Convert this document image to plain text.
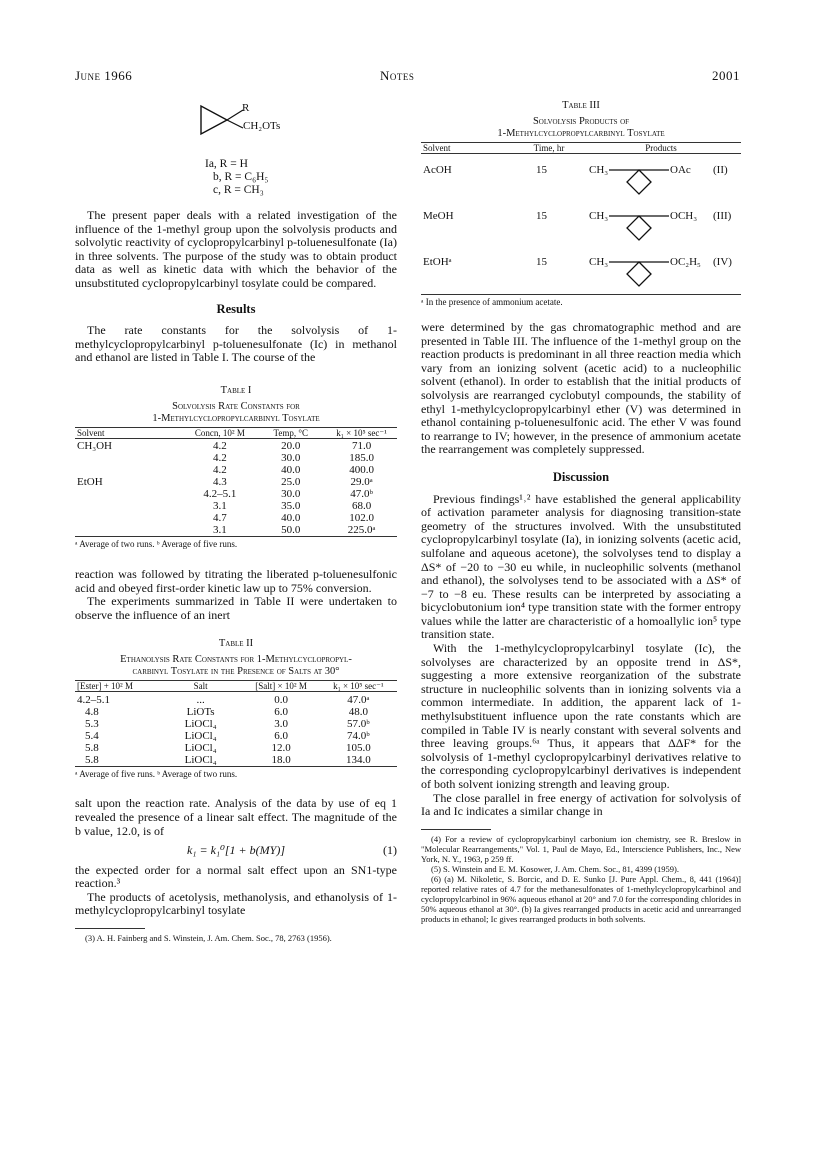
June 1966	Notes	2001
R
CH₂OTs
Ia, R = H
b, R = C₆H₅
c, R = CH₃

The present paper deals with a related investigation of the influence of the 1-methyl group upon the solvolysis products and solvolytic reactivity of cyclopropylcarbinyl p-toluenesulfonate (Ia) in three solvents. The purpose of the study was to obtain product data as well as kinetic data with which the behavior of the unsubstituted cyclopropylcarbinyl tosylate could be compared.

Results

The rate constants for the solvolysis of 1-methylcyclopropylcarbinyl p-toluenesulfonate (Ic) in methanol and ethanol are listed in Table I. The course of the

Table I
Solvolysis Rate Constants for
1-Methylcyclopropylcarbinyl Tosylate
Solvent	Concn, 10² M	Temp, °C	k₁ × 10⁵ sec⁻¹

CH₃OH	4.2	20.0	71.0
	4.2	30.0	185.0
	4.2	40.0	400.0
EtOH	4.3	25.0	29.0ᵃ
	4.2–5.1	30.0	47.0ᵇ
	3.1	35.0	68.0
	4.7	40.0	102.0
	3.1	50.0	225.0ᵃ

ᵃ Average of two runs. ᵇ Average of five runs.

reaction was followed by titrating the liberated p-toluenesulfonic acid and obeyed first-order kinetic law up to 75% conversion.

The experiments summarized in Table II were undertaken to observe the influence of an inert

Table II
Ethanolysis Rate Constants for 1-Methylcyclopropyl-
carbinyl Tosylate in the Presence of Salts at 30°
[Ester] + 10² M	Salt	[Salt] × 10² M	k₁ × 10⁵ sec⁻¹

4.2–5.1	...	0.0	47.0ᵃ
4.8	LiOTs	6.0	48.0
5.3	LiOCl₄	3.0	57.0ᵇ
5.4	LiOCl₄	6.0	74.0ᵇ
5.8	LiOCl₄	12.0	105.0
5.8	LiOCl₄	18.0	134.0

ᵃ Average of five runs. ᵇ Average of two runs.

salt upon the reaction rate. Analysis of the data by use of eq 1 revealed the presence of a linear salt effect. The magnitude of the b value, 12.0, is of

k₁ = k₁⁰[1 + b(MY)]	(1)

the expected order for a normal salt effect upon an SN1-type reaction.³

The products of acetolysis, methanolysis, and ethanolysis of 1-methylcyclopropylcarbinyl tosylate

(3) A. H. Fainberg and S. Winstein, J. Am. Chem. Soc., 78, 2763 (1956).

Table III
Solvolysis Products of
1-Methylcyclopropylcarbinyl Tosylate
Solvent	Time, hr	Products

AcOH	15	CH₃	OAc (II)
MeOH	15	CH₃	OCH₃ (III)
EtOHᵃ	15	CH₃	OC₂H₅ (IV)
ᵃ In the presence of ammonium acetate.

were determined by the gas chromatographic method and are presented in Table III. The influence of the 1-methyl group on the reaction products is predominant in all three reaction media which vary from an ionizing solvent (acetic acid) to a nucleophilic solvent (ethanol). In order to establish that the initial products of solvolysis are rearranged cyclobutyl compounds, the stability of ethyl 1-methylcyclopropylcarbinyl ether (V) was determined in ethanol containing p-toluenesulfonic acid. The ether V was found to rearrange to IV; however, in the presence of ammonium acetate the rearrangement was completely suppressed.

Discussion

Previous findings¹˒² have established the general applicability of activation parameter analysis for diagnosing transition-state geometry of the structures involved. With the unsubstituted cyclopropylcarbinyl tosylate (Ia), in ionizing solvents (acetic acid, sulfolane and aqueous acetone), the solvolyses tend to display a ΔS* of −20 to −30 eu while, in nucleophilic solvents (methanol and ethanol), the solvolyses tend to be associated with a ΔS* of −7 to −8 eu. These results can be interpreted by associating a bicyclobutonium ion⁴ type transition state with the former entropy values while the latter are characteristic of a homoallylic ion⁵ type transition state.

With the 1-methylcyclopropylcarbinyl tosylate (Ic), the solvolyses are characterized by an opposite trend in ΔS*, suggesting a more extensive reorganization of the substrate structure in nucleophilic solvents than in ionizing solvents via a common intermediate. In addition, the apparent lack of 1-methylsubstituent influence upon the rate constants which are compiled in Table IV is nearly constant with several solvents and three leaving groups.⁶ᵃ Thus, it appears that ΔΔF* for the solvolysis of 1-methyl cyclopropylcarbinyl derivatives relative to the corresponding cyclopropylcarbinyl derivatives is independent of both solvent ionizing strength and leaving group.

The close parallel in free energy of activation for solvolysis of Ia and Ic indicates a similar change in

(4) For a review of cyclopropylcarbinyl carbonium ion chemistry, see R. Breslow in "Molecular Rearrangements," Vol. 1, Paul de Mayo, Ed., Interscience Publishers, Inc., New York, N. Y., 1963, p 259 ff.

(5) S. Winstein and E. M. Kosower, J. Am. Chem. Soc., 81, 4399 (1959).

(6) (a) M. Nikoletic, S. Borcic, and D. E. Sunko [J. Pure Appl. Chem., 8, 441 (1964)] reported relative rates of 4.7 for the methanesulfonates of 1-methylcyclopropylcarbinol and cyclopropylcarbinol in 96% aqueous ethanol at 20° and 7.0 for the corresponding chlorides in 50% aqueous ethanol at 30°. (b) Ia gives rearranged products in acetic acid and unrearranged products in ethanol; Ic gives rearranged products in both solvents.
